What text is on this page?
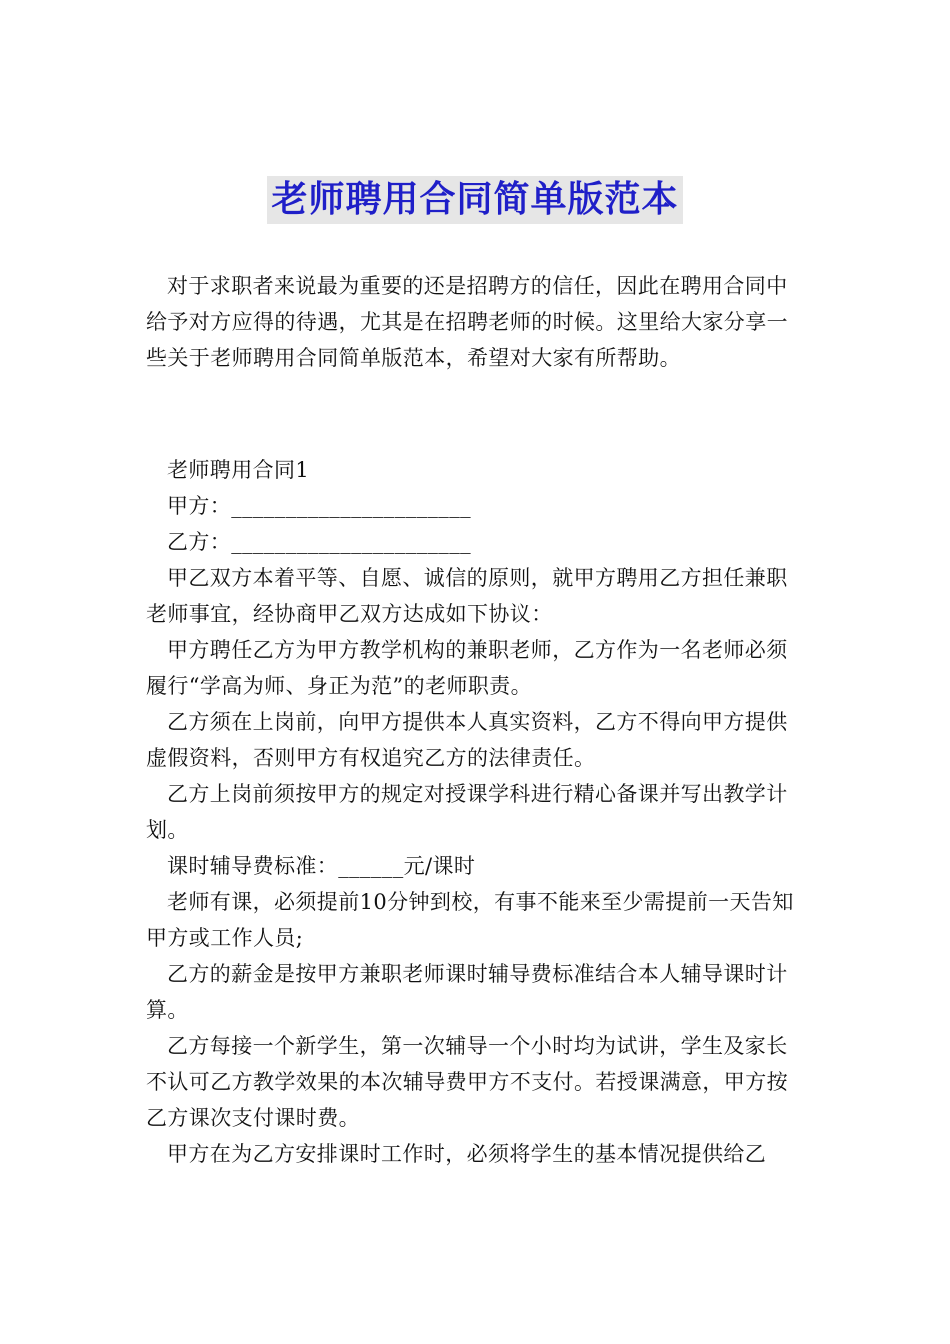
老师聘用合同简单版范本

对于求职者来说最为重要的还是招聘方的信任，因此在聘用合同中给予对方应得的待遇，尤其是在招聘老师的时候。这里给大家分享一些关于老师聘用合同简单版范本，希望对大家有所帮助。

老师聘用合同1

甲方：______________________

乙方：______________________

甲乙双方本着平等、自愿、诚信的原则，就甲方聘用乙方担任兼职老师事宜，经协商甲乙双方达成如下协议：

甲方聘任乙方为甲方教学机构的兼职老师，乙方作为一名老师必须履行“学高为师、身正为范”的老师职责。

乙方须在上岗前，向甲方提供本人真实资料，乙方不得向甲方提供虚假资料，否则甲方有权追究乙方的法律责任。

乙方上岗前须按甲方的规定对授课学科进行精心备课并写出教学计划。

课时辅导费标准：______元/课时

老师有课，必须提前10分钟到校，有事不能来至少需提前一天告知甲方或工作人员;

乙方的薪金是按甲方兼职老师课时辅导费标准结合本人辅导课时计算。

乙方每接一个新学生，第一次辅导一个小时均为试讲，学生及家长不认可乙方教学效果的本次辅导费甲方不支付。若授课满意，甲方按乙方课次支付课时费。

甲方在为乙方安排课时工作时，必须将学生的基本情况提供给乙
